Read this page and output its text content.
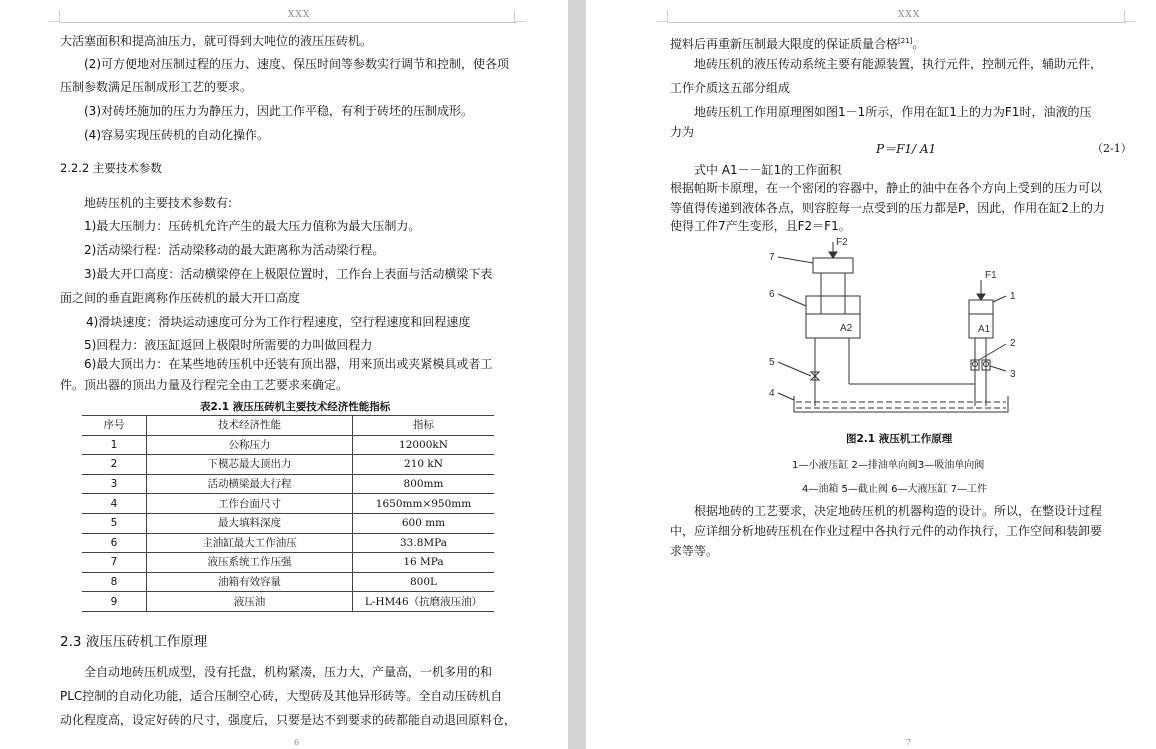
XXX
大活塞面积和提高油压力，就可得到大吨位的液压压砖机。
(2)可方便地对压制过程的压力、速度、保压时间等参数实行调节和控制，使各项
压制参数满足压制成形工艺的要求。
(3)对砖坯施加的压力为静压力，因此工作平稳，有利于砖坯的压制成形。
(4)容易实现压砖机的自动化操作。
2.2.2 主要技术参数
地砖压机的主要技术参数有:
1)最大压制力：压砖机允许产生的最大压力值称为最大压制力。
2)活动梁行程：活动梁移动的最大距离称为活动梁行程。
3)最大开口高度：活动横梁停在上极限位置时，工作台上表面与活动横梁下表
面之间的垂直距离称作压砖机的最大开口高度
4)滑块速度：滑块运动速度可分为工作行程速度，空行程速度和回程速度
5)回程力：液压缸返回上极限时所需要的力叫做回程力
6)最大顶出力：在某些地砖压机中还装有顶出器，用来顶出或夹紧模具或者工
件。顶出器的顶出力量及行程完全由工艺要求来确定。
表2.1 液压压砖机主要技术经济性能指标
序号	技术经济性能	指标
1	公称压力	12000kN
2	下模芯最大顶出力	210 kN
3	活动横梁最大行程	800mm
4	工作台面尺寸	1650mm×950mm
5	最大填料深度	600 mm
6	主油缸最大工作油压	33.8MPa
7	液压系统工作压强	16 MPa
8	油箱有效容量	800L
9	液压油	L-HM46（抗磨液压油）
2.3 液压压砖机工作原理
全自动地砖压机成型，没有托盘，机构紧凑，压力大，产量高，一机多用的和
PLC控制的自动化功能，适合压制空心砖，大型砖及其他异形砖等。全自动压砖机自
动化程度高，设定好砖的尺寸，强度后，只要是达不到要求的砖都能自动退回原料仓，
6
XXX
搅料后再重新压制最大限度的保证质量合格[21]。
地砖压机的液压传动系统主要有能源装置，执行元件，控制元件，辅助元件，
工作介质这五部分组成
地砖压机工作用原理图如图1－1所示，作用在缸1上的力为F1时，油液的压
力为
P＝F1/ A1	（2-1）
式中 A1－－缸1的工作面积
根据帕斯卡原理，在一个密闭的容器中，静止的油中在各个方向上受到的压力可以
等值得传递到液体各点，则容腔每一点受到的压力都是P，因此，作用在缸2上的力
使得工件7产生变形，且F2＝F1。
F2
F1
A2	A1
7
6
5
4
1
2
3
图2.1 液压机工作原理
1—小液压缸 2—排油单向阀3—吸油单向阀
4—油箱 5—截止阀 6—大液压缸 7—工件
根据地砖的工艺要求，决定地砖压机的机器构造的设计。所以，在整设计过程
中，应详细分析地砖压机在作业过程中各执行元件的动作执行，工作空间和装卸要
求等等。
7
